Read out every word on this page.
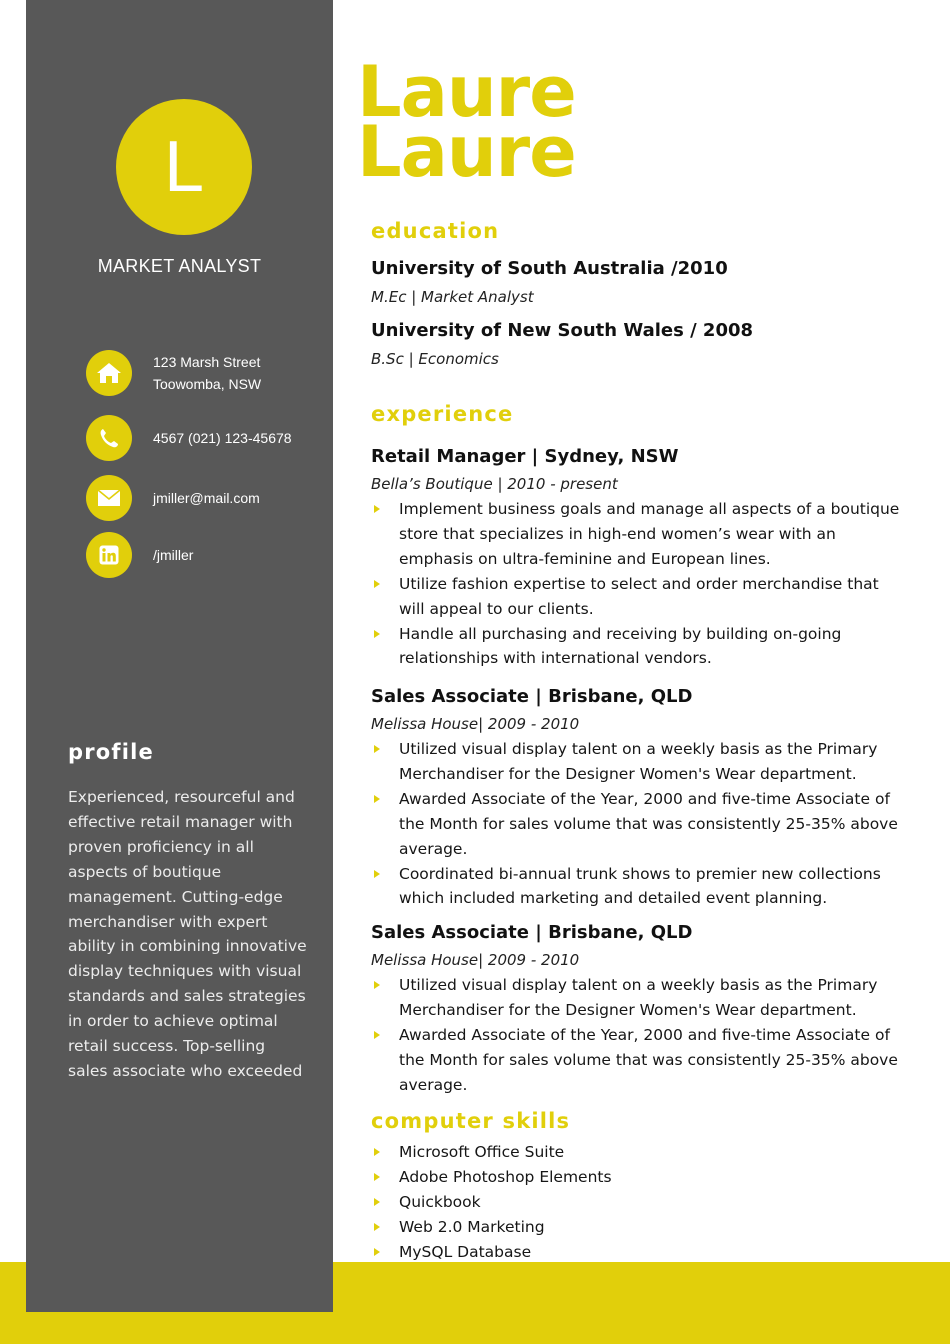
L
MARKET ANALYST
123 Marsh Street
Toowomba, NSW
4567 (021) 123-45678
jmiller@mail.com
/jmiller
profile
Experienced, resourceful and effective retail manager with proven proficiency in all aspects of boutique management. Cutting-edge merchandiser with expert ability in combining innovative display techniques with visual standards and sales strategies in order to achieve optimal retail success. Top-selling sales associate who exceeded
Laure
Laure
education
University of South Australia /2010
M.Ec | Market Analyst
University of New South Wales / 2008
B.Sc | Economics
experience
Retail Manager | Sydney, NSW
Bella’s Boutique | 2010 - present
Implement business goals and manage all aspects of a boutique store that specializes in high-end women’s wear with an emphasis on ultra-feminine and European lines.
Utilize fashion expertise to select and order merchandise that will appeal to our clients.
Handle all purchasing and receiving by building on-going relationships with international vendors.
Sales Associate | Brisbane, QLD
Melissa House| 2009 - 2010
Utilized visual display talent on a weekly basis as the Primary Merchandiser for the Designer Women's Wear department.
Awarded Associate of the Year, 2000 and five-time Associate of the Month for sales volume that was consistently 25-35% above average.
Coordinated bi-annual trunk shows to premier new collections which included marketing and detailed event planning.
Sales Associate | Brisbane, QLD
Melissa House| 2009 - 2010
Utilized visual display talent on a weekly basis as the Primary Merchandiser for the Designer Women's Wear department.
Awarded Associate of the Year, 2000 and five-time Associate of the Month for sales volume that was consistently 25-35% above average.
computer skills
Microsoft Office Suite
Adobe Photoshop Elements
Quickbook
Web 2.0 Marketing
MySQL Database
